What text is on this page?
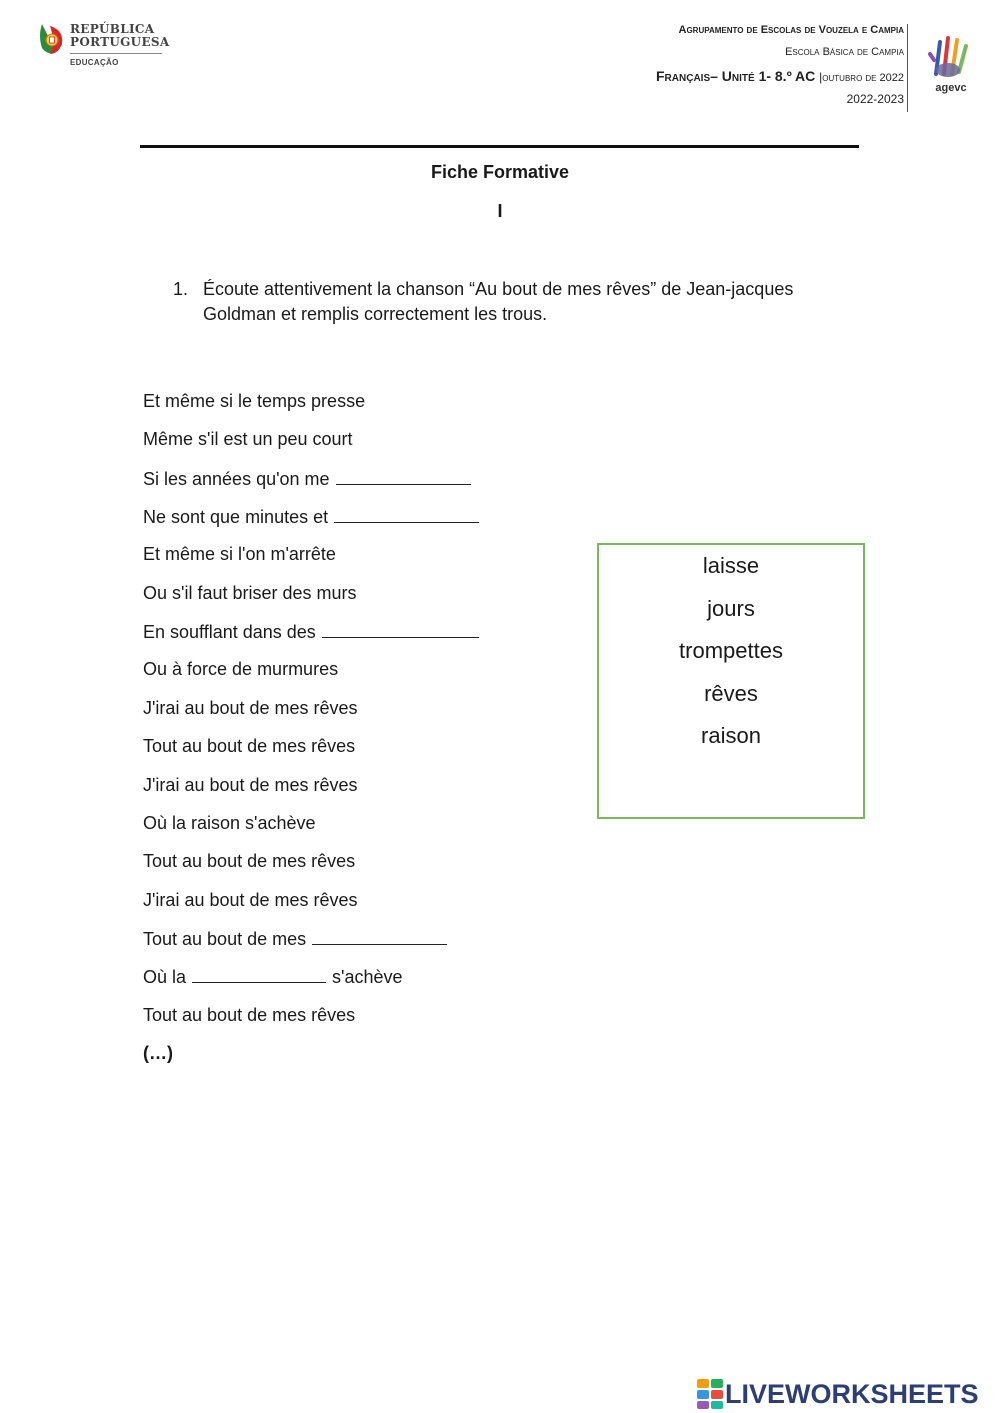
REPÚBLICA
PORTUGUESA
EDUCAÇÃO
Agrupamento de Escolas de Vouzela e Campia
Escola Básica de Campia
Français– Unité 1- 8.º AC |outubro de 2022
2022-2023
agevc
Fiche Formative
I
1. Écoute attentivement la chanson “Au bout de mes rêves” de Jean-jacques Goldman et remplis correctement les trous.
Et même si le temps presse
Même s'il est un peu court
Si les années qu'on me
Ne sont que minutes et
Et même si l'on m'arrête
Ou s'il faut briser des murs
En soufflant dans des
Ou à force de murmures
J'irai au bout de mes rêves
Tout au bout de mes rêves
J'irai au bout de mes rêves
Où la raison s'achève
Tout au bout de mes rêves
J'irai au bout de mes rêves
Tout au bout de mes
Où la	s'achève
Tout au bout de mes rêves
(…)
laisse
jours
trompettes
rêves
raison
LIVEWORKSHEETS
